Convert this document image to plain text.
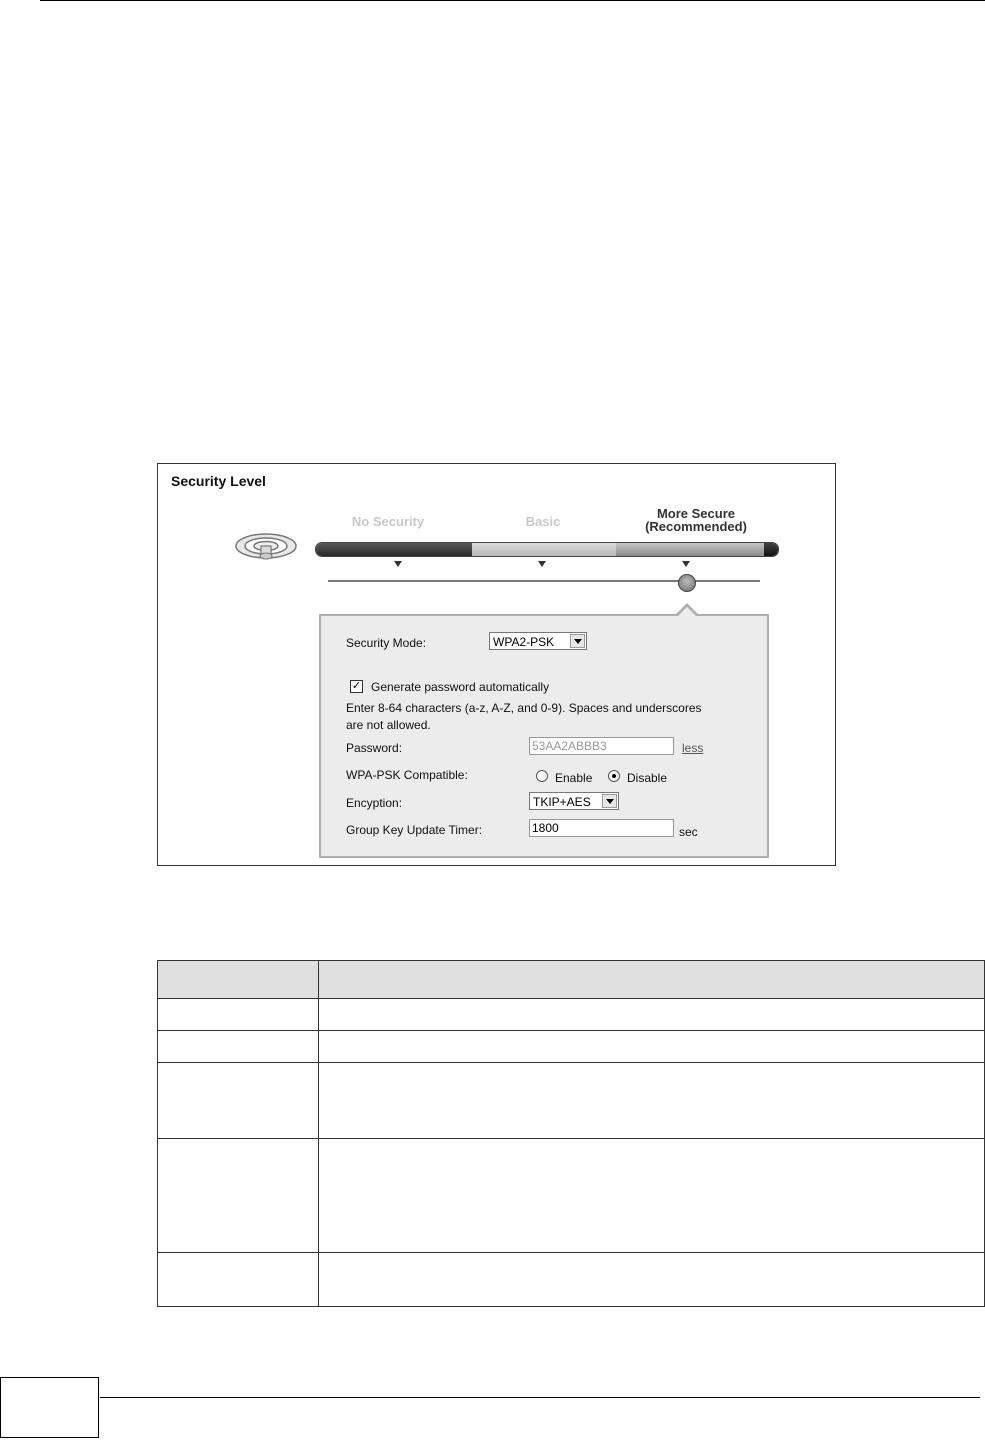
Security Level
No Security	Basic
More Secure
(Recommended)
Security Mode:	WPA2-PSK
✓ Generate password automatically
Enter 8-64 characters (a-z, A-Z, and 0-9). Spaces and underscores
are not allowed.
Password:	53AA2ABBB3	less
WPA-PSK Compatible:	Enable	Disable
Encyption:	TKIP+AES
Group Key Update Timer:	1800	sec
